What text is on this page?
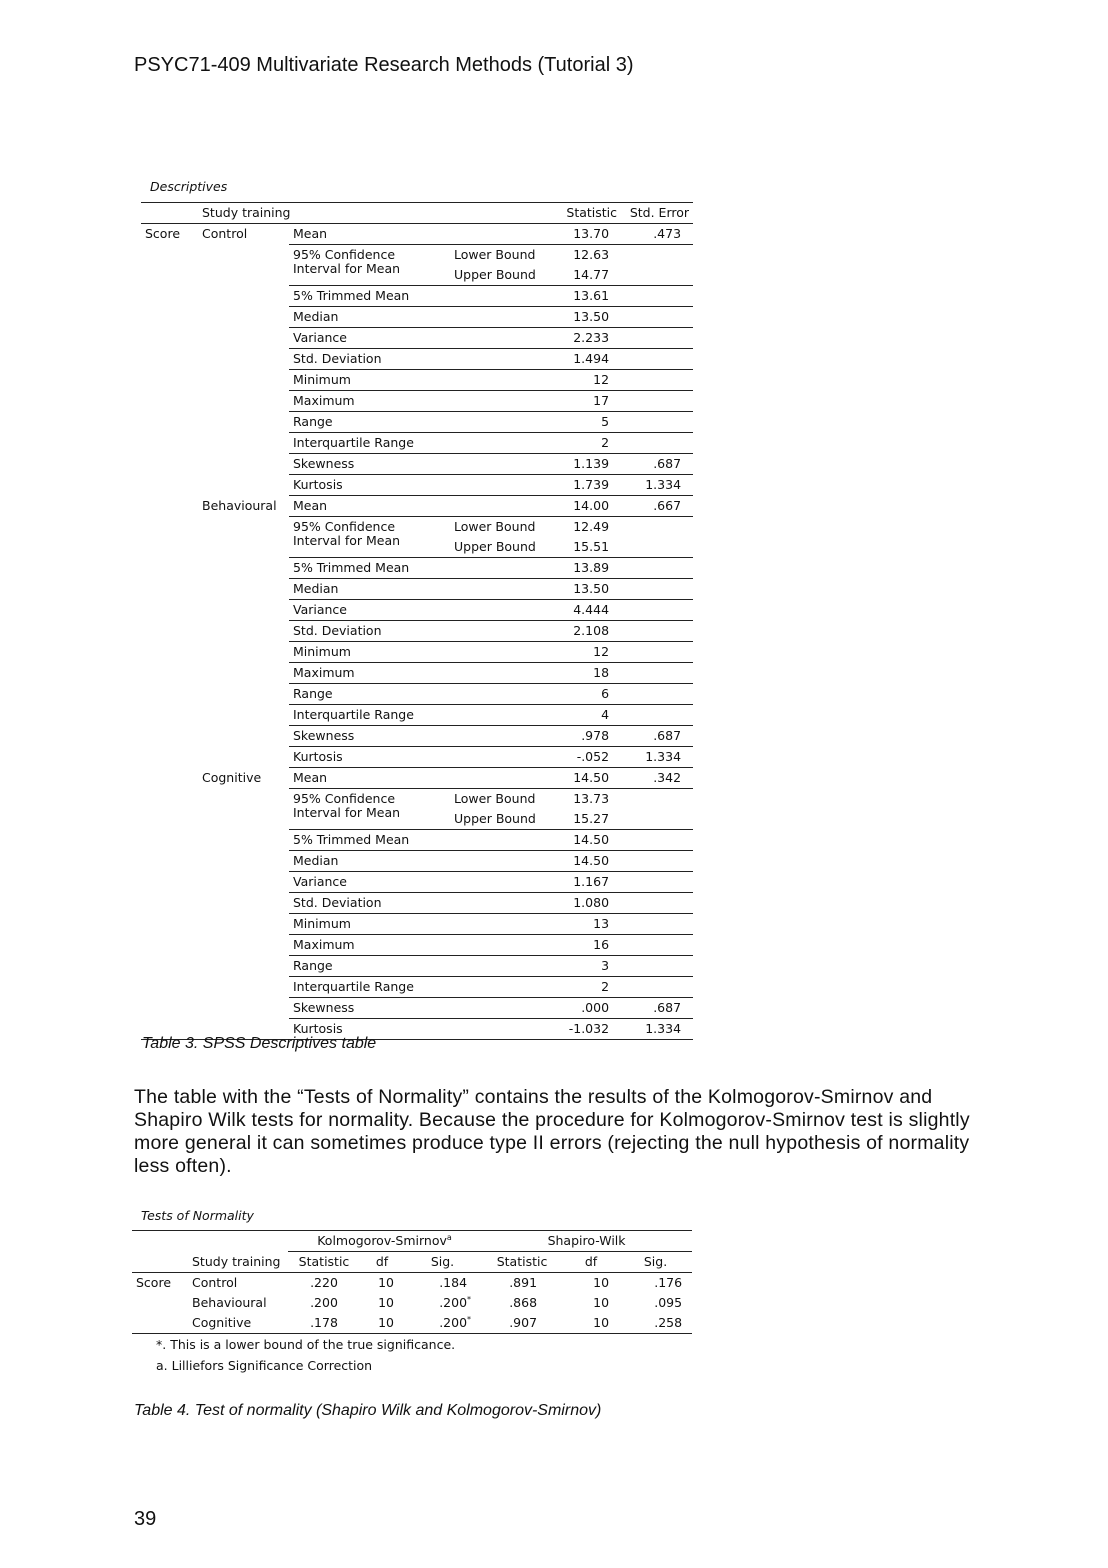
PSYC71-409 Multivariate Research Methods (Tutorial 3)
Descriptives
	Study training			Statistic	Std. Error
Score	Control	Mean		13.70	.473
		95% Confidence Interval for Mean	Lower Bound	12.63	
			Upper Bound	14.77	
		5% Trimmed Mean		13.61	
		Median		13.50	
		Variance		2.233	
		Std. Deviation		1.494	
		Minimum		12	
		Maximum		17	
		Range		5	
		Interquartile Range		2	
		Skewness		1.139	.687
		Kurtosis		1.739	1.334
	Behavioural	Mean		14.00	.667
		95% Confidence Interval for Mean	Lower Bound	12.49	
			Upper Bound	15.51	
		5% Trimmed Mean		13.89	
		Median		13.50	
		Variance		4.444	
		Std. Deviation		2.108	
		Minimum		12	
		Maximum		18	
		Range		6	
		Interquartile Range		4	
		Skewness		.978	.687
		Kurtosis		-.052	1.334
	Cognitive	Mean		14.50	.342
		95% Confidence Interval for Mean	Lower Bound	13.73	
			Upper Bound	15.27	
		5% Trimmed Mean		14.50	
		Median		14.50	
		Variance		1.167	
		Std. Deviation		1.080	
		Minimum		13	
		Maximum		16	
		Range		3	
		Interquartile Range		2	
		Skewness		.000	.687
		Kurtosis		-1.032	1.334
Table 3. SPSS Descriptives table
The table with the “Tests of Normality” contains the results of the Kolmogorov-Smirnov and Shapiro Wilk tests for normality. Because the procedure for Kolmogorov-Smirnov test is slightly more general it can sometimes produce type II errors (rejecting the null hypothesis of normality less often).
Tests of Normality
		Kolmogorov-Smirnov$^a$			Shapiro-Wilk		
	Study training	Statistic	df	Sig.	Statistic	df	Sig.
Score	Control	.220	10	.184	.891	10	.176
	Behavioural	.200	10	.200*	.868	10	.095
	Cognitive	.178	10	.200*	.907	10	.258
*. This is a lower bound of the true significance.
a. Lilliefors Significance Correction
Table 4. Test of normality (Shapiro Wilk and Kolmogorov-Smirnov)
39
